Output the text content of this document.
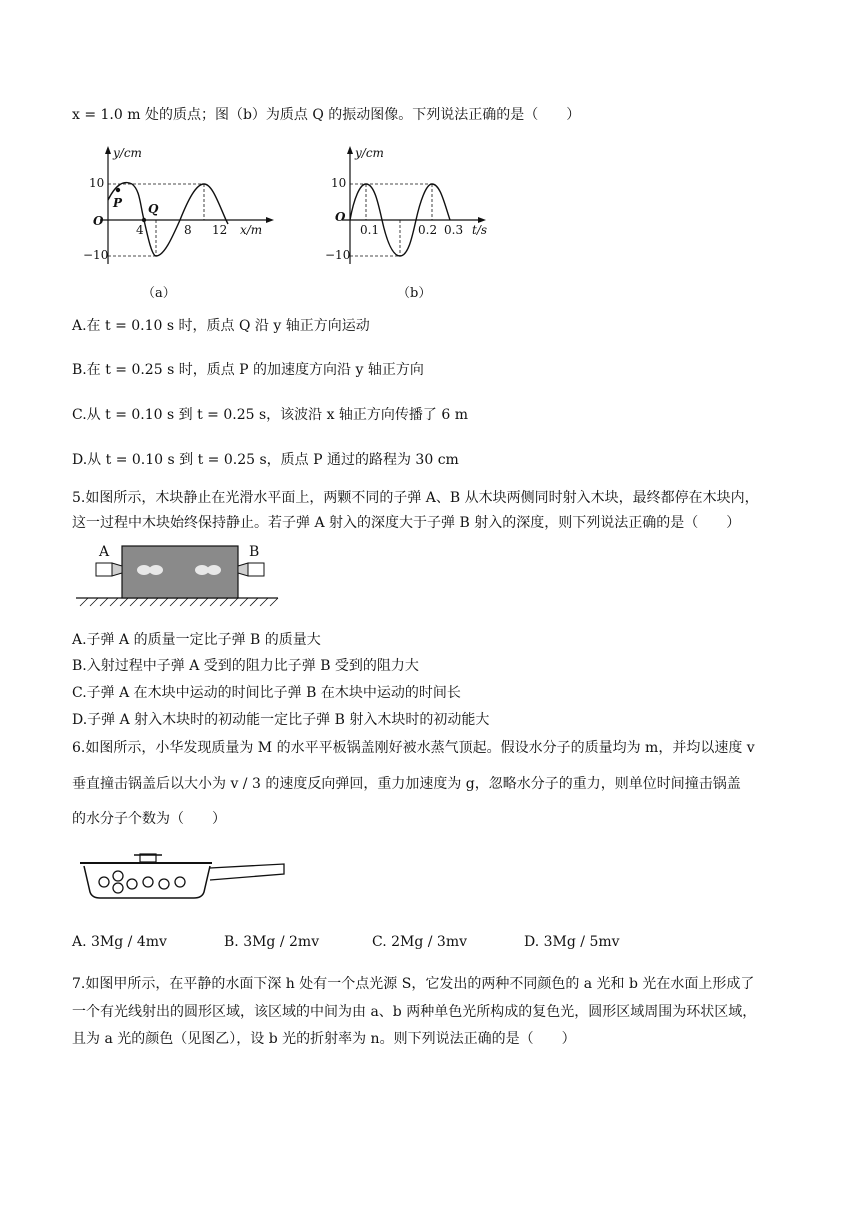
x = 1.0 m 处的质点；图（b）为质点 Q 的振动图像。下列说法正确的是（　　）
y/cm
10
O
−10
P Q
4	8 12 x/m
（a）
y/cm
10
O
−10
0.1	0.2 0.3 t/s
（b）
A.在 t = 0.10 s 时，质点 Q 沿 y 轴正方向运动
B.在 t = 0.25 s 时，质点 P 的加速度方向沿 y 轴正方向
C.从 t = 0.10 s 到 t = 0.25 s，该波沿 x 轴正方向传播了 6 m
D.从 t = 0.10 s 到 t = 0.25 s，质点 P 通过的路程为 30 cm
5.如图所示，木块静止在光滑水平面上，两颗不同的子弹 A、B 从木块两侧同时射入木块，最终都停在木块内，
这一过程中木块始终保持静止。若子弹 A 射入的深度大于子弹 B 射入的深度，则下列说法正确的是（　　）
A	B
A.子弹 A 的质量一定比子弹 B 的质量大
B.入射过程中子弹 A 受到的阻力比子弹 B 受到的阻力大
C.子弹 A 在木块中运动的时间比子弹 B 在木块中运动的时间长
D.子弹 A 射入木块时的初动能一定比子弹 B 射入木块时的初动能大
6.如图所示，小华发现质量为 M 的水平平板锅盖刚好被水蒸气顶起。假设水分子的质量均为 m，并均以速度 v
垂直撞击锅盖后以大小为 v / 3 的速度反向弹回，重力加速度为 g，忽略水分子的重力，则单位时间撞击锅盖
的水分子个数为（　　）
A. 3Mg / 4mv	B. 3Mg / 2mv	C. 2Mg / 3mv	D. 3Mg / 5mv
7.如图甲所示，在平静的水面下深 h 处有一个点光源 S，它发出的两种不同颜色的 a 光和 b 光在水面上形成了
一个有光线射出的圆形区域，该区域的中间为由 a、b 两种单色光所构成的复色光，圆形区域周围为环状区域，
且为 a 光的颜色（见图乙），设 b 光的折射率为 n。则下列说法正确的是（　　）
